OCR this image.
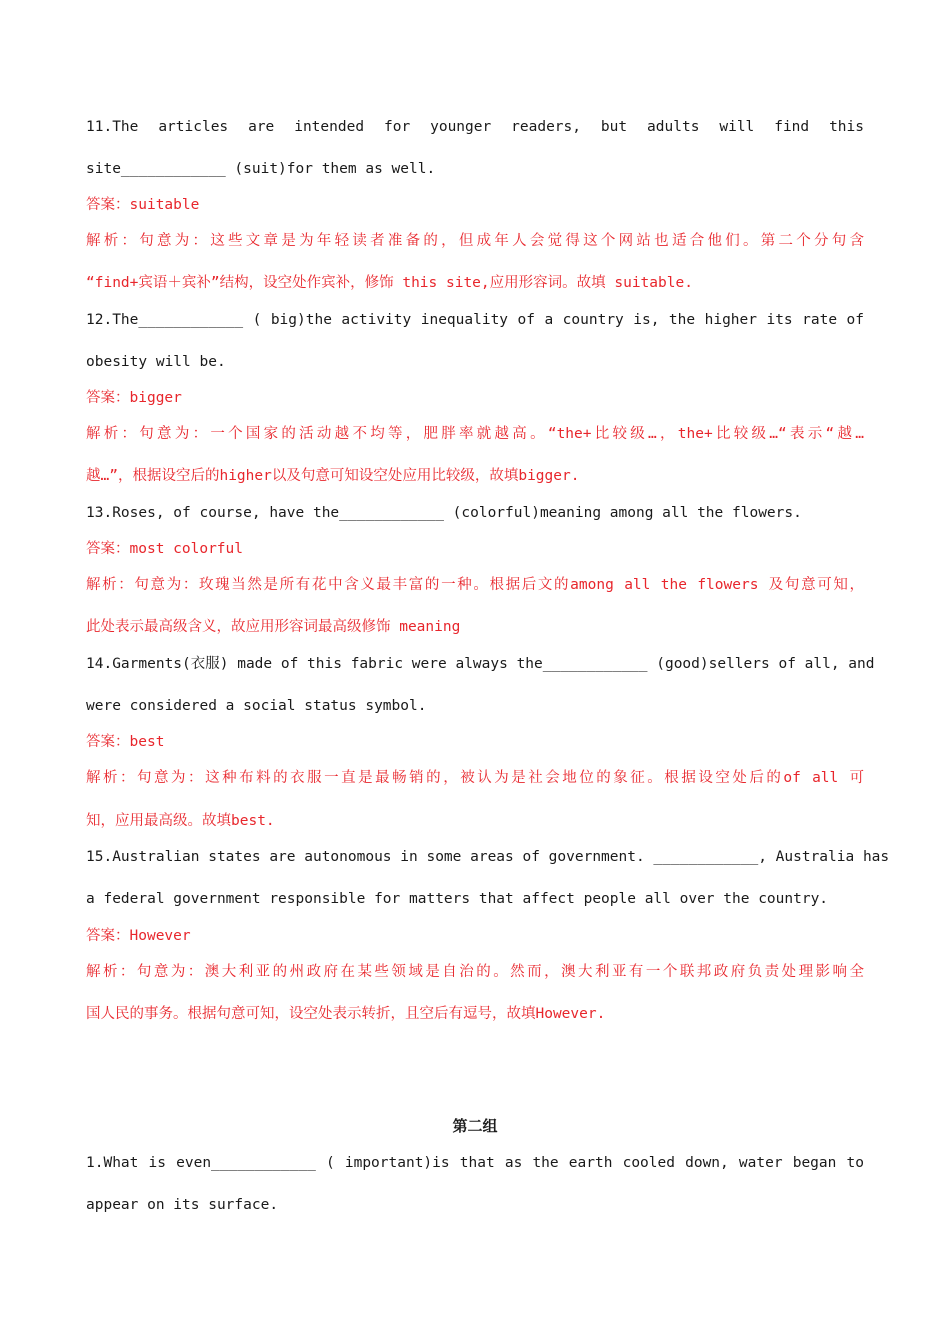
11.The articles are intended for younger readers, but adults will find this
site____________ (suit)for them as well.
答案：suitable
解析：句意为：这些文章是为年轻读者准备的，但成年人会觉得这个网站也适合他们。第二个分句含
“find+宾语＋宾补”结构，设空处作宾补，修饰 this site,应用形容词。故填 suitable.
12.The____________ ( big)the activity inequality of a country is, the higher its rate of
obesity will be.
答案：bigger
解析：句意为：一个国家的活动越不均等，肥胖率就越高。“the+比较级…，the+比较级…“表示“越…
越…”，根据设空后的higher以及句意可知设空处应用比较级，故填bigger.
13.Roses, of course, have the____________ (colorful)meaning among all the flowers.
答案：most colorful
解析：句意为：玫瑰当然是所有花中含义最丰富的一种。根据后文的among all the flowers 及句意可知，
此处表示最高级含义，故应用形容词最高级修饰 meaning
14.Garments(衣服) made of this fabric were always the____________ (good)sellers of all, and
were considered a social status symbol.
答案：best
解析：句意为：这种布料的衣服一直是最畅销的，被认为是社会地位的象征。根据设空处后的of all 可
知，应用最高级。故填best.
15.Australian states are autonomous in some areas of government. ____________, Australia has
a federal government responsible for matters that affect people all over the country.
答案：However
解析：句意为：澳大利亚的州政府在某些领域是自治的。然而，澳大利亚有一个联邦政府负责处理影响全
国人民的事务。根据句意可知，设空处表示转折，且空后有逗号，故填However.
第二组
1.What is even____________ ( important)is that as the earth cooled down, water began to
appear on its surface.
